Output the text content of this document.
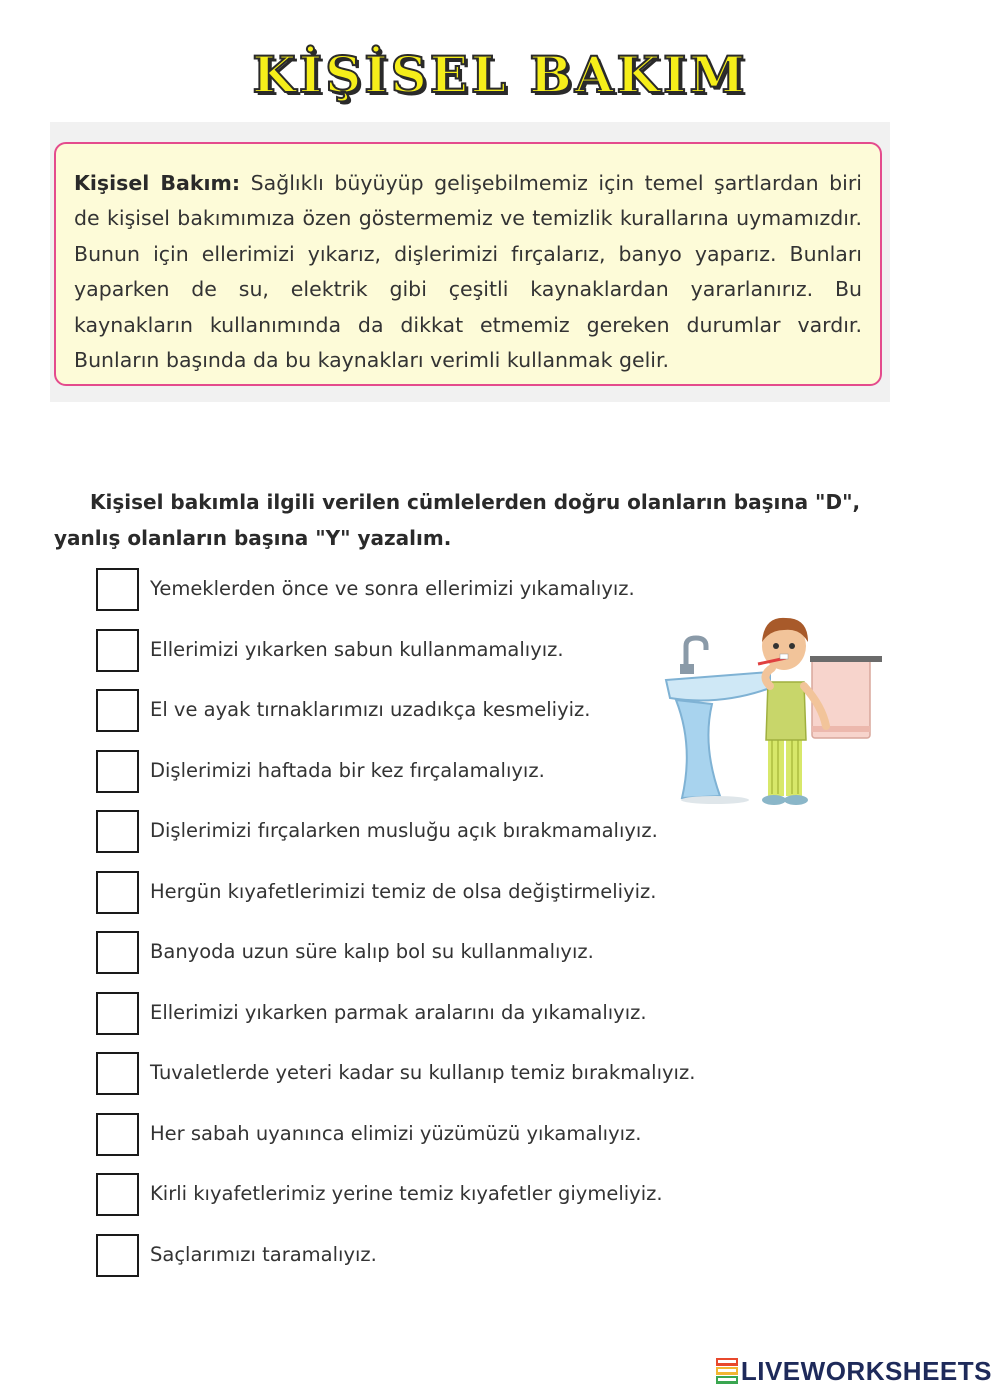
KİŞİSEL BAKIM
Kişisel Bakım: Sağlıklı büyüyüp gelişebilmemiz için temel şartlardan biri de kişisel bakımımıza özen göstermemiz ve temizlik kurallarına uymamızdır. Bunun için ellerimizi yıkarız, dişlerimizi fırçalarız, banyo yaparız. Bunları yaparken de su, elektrik gibi çeşitli kaynaklardan yararlanırız. Bu kaynakların kullanımında da dikkat etmemiz gereken durumlar vardır. Bunların başında da bu kaynakları verimli kullanmak gelir.

Kişisel bakımla ilgili verilen cümlelerden doğru olanların başına "D", yanlış olanların başına "Y" yazalım.

Yemeklerden önce ve sonra ellerimizi yıkamalıyız.
Ellerimizi yıkarken sabun kullanmamalıyız.
El ve ayak tırnaklarımızı uzadıkça kesmeliyiz.
Dişlerimizi haftada bir kez fırçalamalıyız.
Dişlerimizi fırçalarken musluğu açık bırakmamalıyız.
Hergün kıyafetlerimizi temiz de olsa değiştirmeliyiz.
Banyoda uzun süre kalıp bol su kullanmalıyız.
Ellerimizi yıkarken parmak aralarını da yıkamalıyız.
Tuvaletlerde yeteri kadar su kullanıp temiz bırakmalıyız.
Her sabah uyanınca elimizi yüzümüzü yıkamalıyız.
Kirli kıyafetlerimiz yerine temiz kıyafetler giymeliyiz.
Saçlarımızı taramalıyız.
LIVEWORKSHEETS
